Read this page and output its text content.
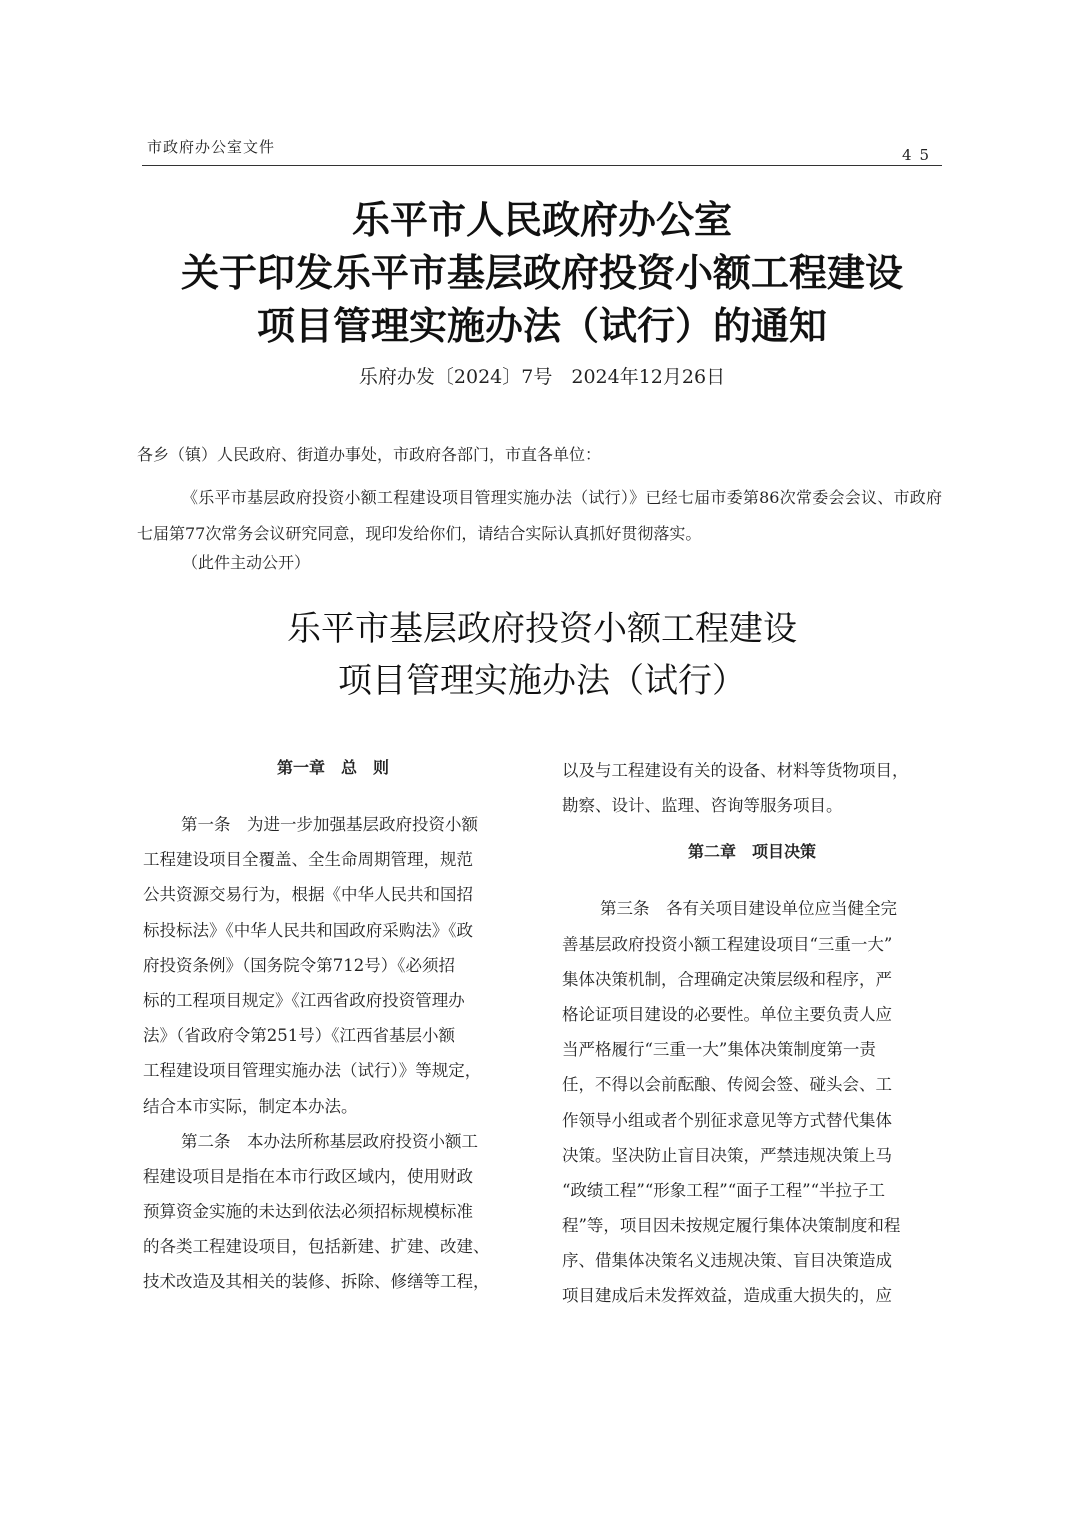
市政府办公室文件	45
乐平市人民政府办公室
关于印发乐平市基层政府投资小额工程建设
项目管理实施办法（试行）的通知
乐府办发〔2024〕7号　2024年12月26日
各乡（镇）人民政府、街道办事处，市政府各部门，市直各单位：
《乐平市基层政府投资小额工程建设项目管理实施办法（试行）》已经七届市委第86次常委会会议、市政府七届第77次常务会议研究同意，现印发给你们，请结合实际认真抓好贯彻落实。
（此件主动公开）
乐平市基层政府投资小额工程建设
项目管理实施办法（试行）
第一章　总　则
第一条　为进一步加强基层政府投资小额
工程建设项目全覆盖、全生命周期管理，规范
公共资源交易行为，根据《中华人民共和国招
标投标法》《中华人民共和国政府采购法》《政
府投资条例》（国务院令第712号）《必须招
标的工程项目规定》《江西省政府投资管理办
法》（省政府令第251号）《江西省基层小额
工程建设项目管理实施办法（试行）》等规定，
结合本市实际，制定本办法。
第二条　本办法所称基层政府投资小额工
程建设项目是指在本市行政区域内，使用财政
预算资金实施的未达到依法必须招标规模标准
的各类工程建设项目，包括新建、扩建、改建、
技术改造及其相关的装修、拆除、修缮等工程，
以及与工程建设有关的设备、材料等货物项目，
勘察、设计、监理、咨询等服务项目。
第二章　项目决策
第三条　各有关项目建设单位应当健全完
善基层政府投资小额工程建设项目“三重一大”
集体决策机制，合理确定决策层级和程序，严
格论证项目建设的必要性。单位主要负责人应
当严格履行“三重一大”集体决策制度第一责
任，不得以会前酝酿、传阅会签、碰头会、工
作领导小组或者个别征求意见等方式替代集体
决策。坚决防止盲目决策，严禁违规决策上马
“政绩工程”“形象工程”“面子工程”“半拉子工
程”等，项目因未按规定履行集体决策制度和程
序、借集体决策名义违规决策、盲目决策造成
项目建成后未发挥效益，造成重大损失的，应
